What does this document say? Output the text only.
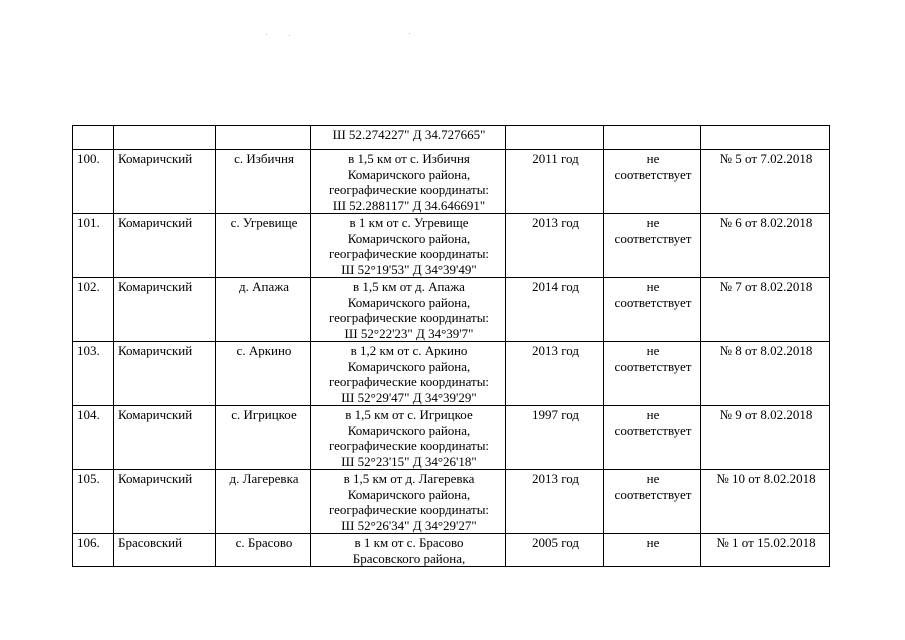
			Ш 52.274227" Д 34.727665"			

100.	Комаричский	с. Избичня	в 1,5 км от с. Избичня
Комаричского района,
географические координаты:
Ш 52.288117" Д 34.646691"	2011 год	не
соответствует	№ 5 от 7.02.2018
101.	Комаричский	с. Угревище	в 1 км от с. Угревище
Комаричского района,
географические координаты:
Ш 52°19'53" Д 34°39'49"	2013 год	не
соответствует	№ 6 от 8.02.2018
102.	Комаричский	д. Апажа	в 1,5 км от д. Апажа
Комаричского района,
географические координаты:
Ш 52°22'23" Д 34°39'7"	2014 год	не
соответствует	№ 7 от 8.02.2018
103.	Комаричский	с. Аркино	в 1,2 км от с. Аркино
Комаричского района,
географические координаты:
Ш 52°29'47" Д 34°39'29"	2013 год	не
соответствует	№ 8 от 8.02.2018
104.	Комаричский	с. Игрицкое	в 1,5 км от с. Игрицкое
Комаричского района,
географические координаты:
Ш 52°23'15" Д 34°26'18"	1997 год	не
соответствует	№ 9 от 8.02.2018
105.	Комаричский	д. Лагеревка	в 1,5 км от д. Лагеревка
Комаричского района,
географические координаты:
Ш 52°26'34" Д 34°29'27"	2013 год	не
соответствует	№ 10 от 8.02.2018
106.	Брасовский	с. Брасово	в 1 км от с. Брасово
Брасовского района,	2005 год	не	№ 1 от 15.02.2018
